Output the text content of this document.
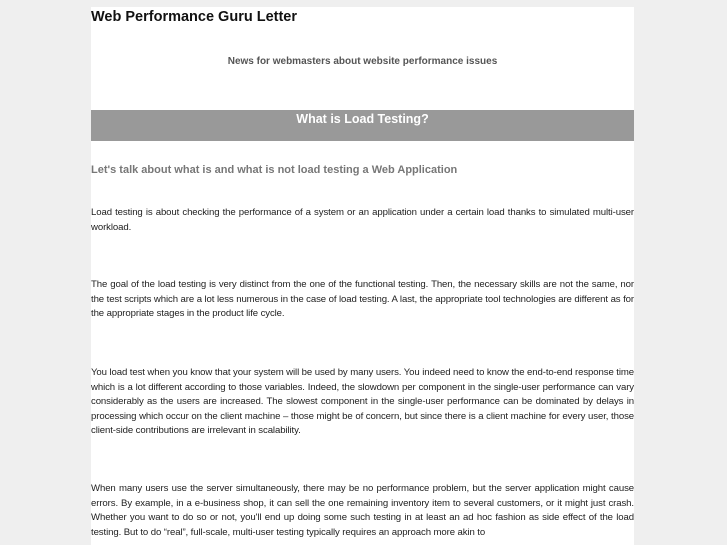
Web Performance Guru Letter
News for webmasters about website performance issues
What is Load Testing?
Let's talk about what is and what is not load testing a Web Application

Load testing is about checking the performance of a system or an application under a certain load thanks to simulated multi-user workload.

The goal of the load testing is very distinct from the one of the functional testing. Then, the necessary skills are not the same, nor the test scripts which are a lot less numerous in the case of load testing. A last, the appropriate tool technologies are different as for the appropriate stages in the product life cycle.

You load test when you know that your system will be used by many users. You indeed need to know the end-to-end response time which is a lot different according to those variables. Indeed, the slowdown per component in the single-user performance can vary considerably as the users are increased. The slowest component in the single-user performance can be dominated by delays in processing which occur on the client machine – those might be of concern, but since there is a client machine for every user, those client-side contributions are irrelevant in scalability.

When many users use the server simultaneously, there may be no performance problem, but the server application might cause errors. By example, in a e-business shop, it can sell the one remaining inventory item to several customers, or it might just crash. Whether you want to do so or not, you'll end up doing some such testing in at least an ad hoc fashion as side effect of the load testing. But to do “real”, full-scale, multi-user testing typically requires an approach more akin to
